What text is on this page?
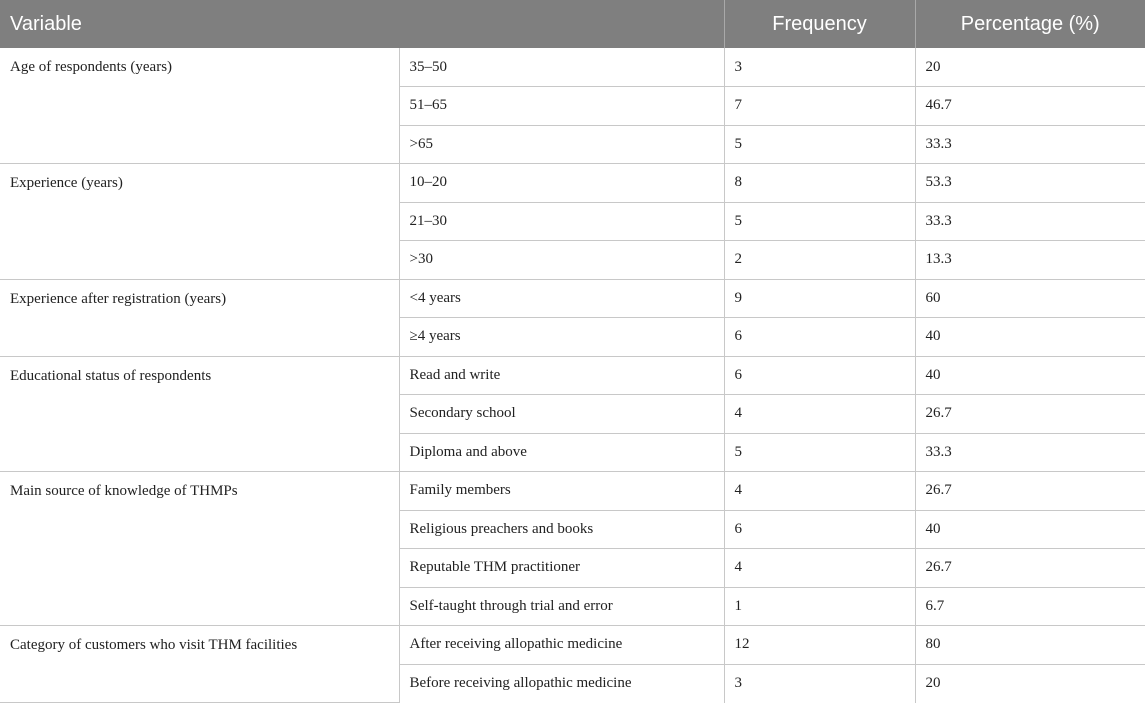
Variable		Frequency	Percentage (%)
Age of respondents (years)	35–50	3	20
	51–65	7	46.7
	>65	5	33.3
Experience (years)	10–20	8	53.3
	21–30	5	33.3
	>30	2	13.3
Experience after registration (years)	<4 years	9	60
	≥4 years	6	40
Educational status of respondents	Read and write	6	40
	Secondary school	4	26.7
	Diploma and above	5	33.3
Main source of knowledge of THMPs	Family members	4	26.7
	Religious preachers and books	6	40
	Reputable THM practitioner	4	26.7
	Self-taught through trial and error	1	6.7
Category of customers who visit THM facilities	After receiving allopathic medicine	12	80
	Before receiving allopathic medicine	3	20
